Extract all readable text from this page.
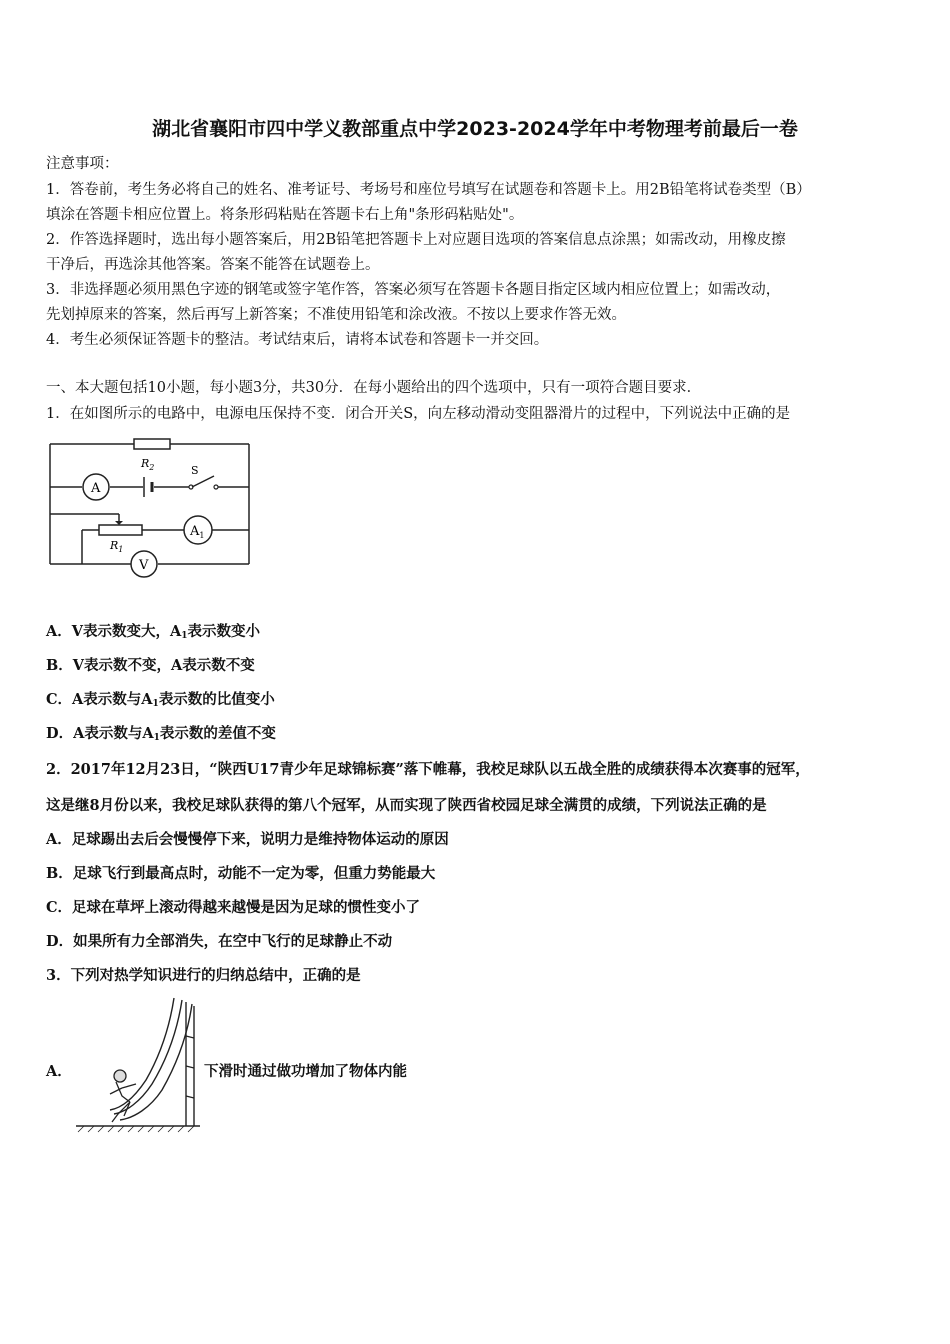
湖北省襄阳市四中学义教部重点中学2023-2024学年中考物理考前最后一卷
注意事项：
1．答卷前，考生务必将自己的姓名、准考证号、考场号和座位号填写在试题卷和答题卡上。用2B铅笔将试卷类型（B）
填涂在答题卡相应位置上。将条形码粘贴在答题卡右上角"条形码粘贴处"。
2．作答选择题时，选出每小题答案后，用2B铅笔把答题卡上对应题目选项的答案信息点涂黑；如需改动，用橡皮擦
干净后，再选涂其他答案。答案不能答在试题卷上。
3．非选择题必须用黑色字迹的钢笔或签字笔作答，答案必须写在答题卡各题目指定区域内相应位置上；如需改动，
先划掉原来的答案，然后再写上新答案；不准使用铅笔和涂改液。不按以上要求作答无效。
4．考生必须保证答题卡的整洁。考试结束后，请将本试卷和答题卡一并交回。
一、本大题包括10小题，每小题3分，共30分．在每小题给出的四个选项中，只有一项符合题目要求．
1．在如图所示的电路中，电源电压保持不变．闭合开关S，向左移动滑动变阻器滑片的过程中，下列说法中正确的是
$R_2$
A
S
$R_1$
$A_1$
V
A．V表示数变大，$A_1$表示数变小
B．V表示数不变，A表示数不变
C．A表示数与$A_1$表示数的比值变小
D．A表示数与$A_1$表示数的差值不变
2．2017年12月23日，“陕西U17青少年足球锦标赛”落下帷幕，我校足球队以五战全胜的成绩获得本次赛事的冠军，
这是继8月份以来，我校足球队获得的第八个冠军，从而实现了陕西省校园足球全满贯的成绩，下列说法正确的是
A．足球踢出去后会慢慢停下来，说明力是维持物体运动的原因
B．足球飞行到最高点时，动能不一定为零，但重力势能最大
C．足球在草坪上滚动得越来越慢是因为足球的惯性变小了
D．如果所有力全部消失，在空中飞行的足球静止不动
3．下列对热学知识进行的归纳总结中，正确的是
A．	下滑时通过做功增加了物体内能
